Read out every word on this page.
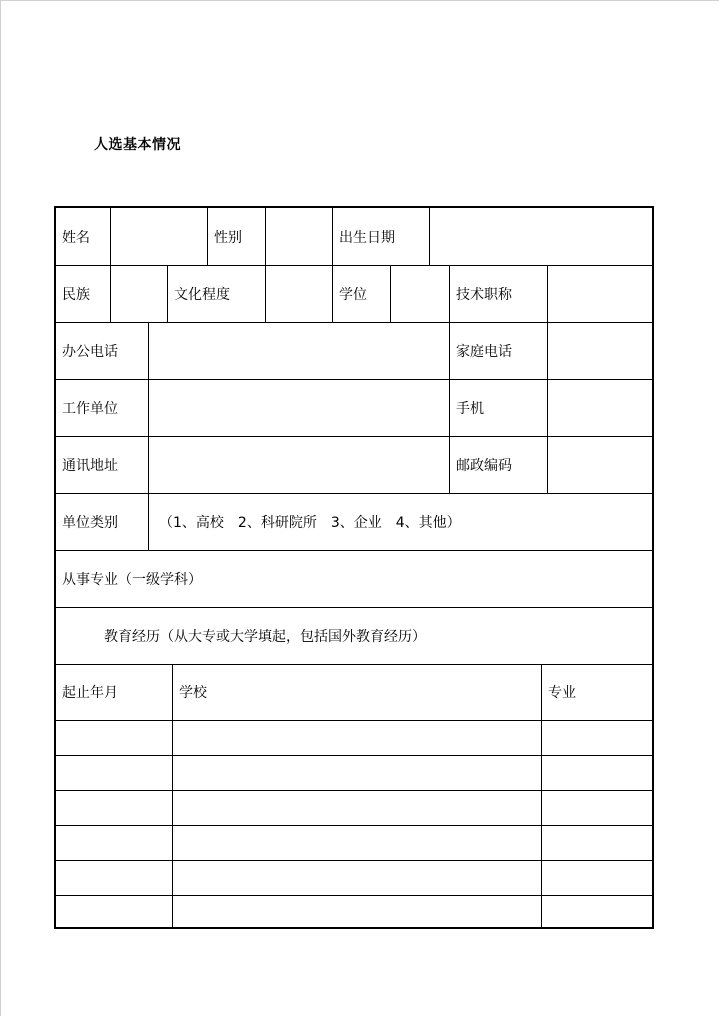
人选基本情况
姓名	性别	出生日期
民族	文化程度	学位	技术职称
办公电话	家庭电话
工作单位	手机
通讯地址	邮政编码
单位类别	（1、高校　2、科研院所　3、企业　4、其他）
从事专业（一级学科）
教育经历（从大专或大学填起，包括国外教育经历）
起止年月	学校	专业
